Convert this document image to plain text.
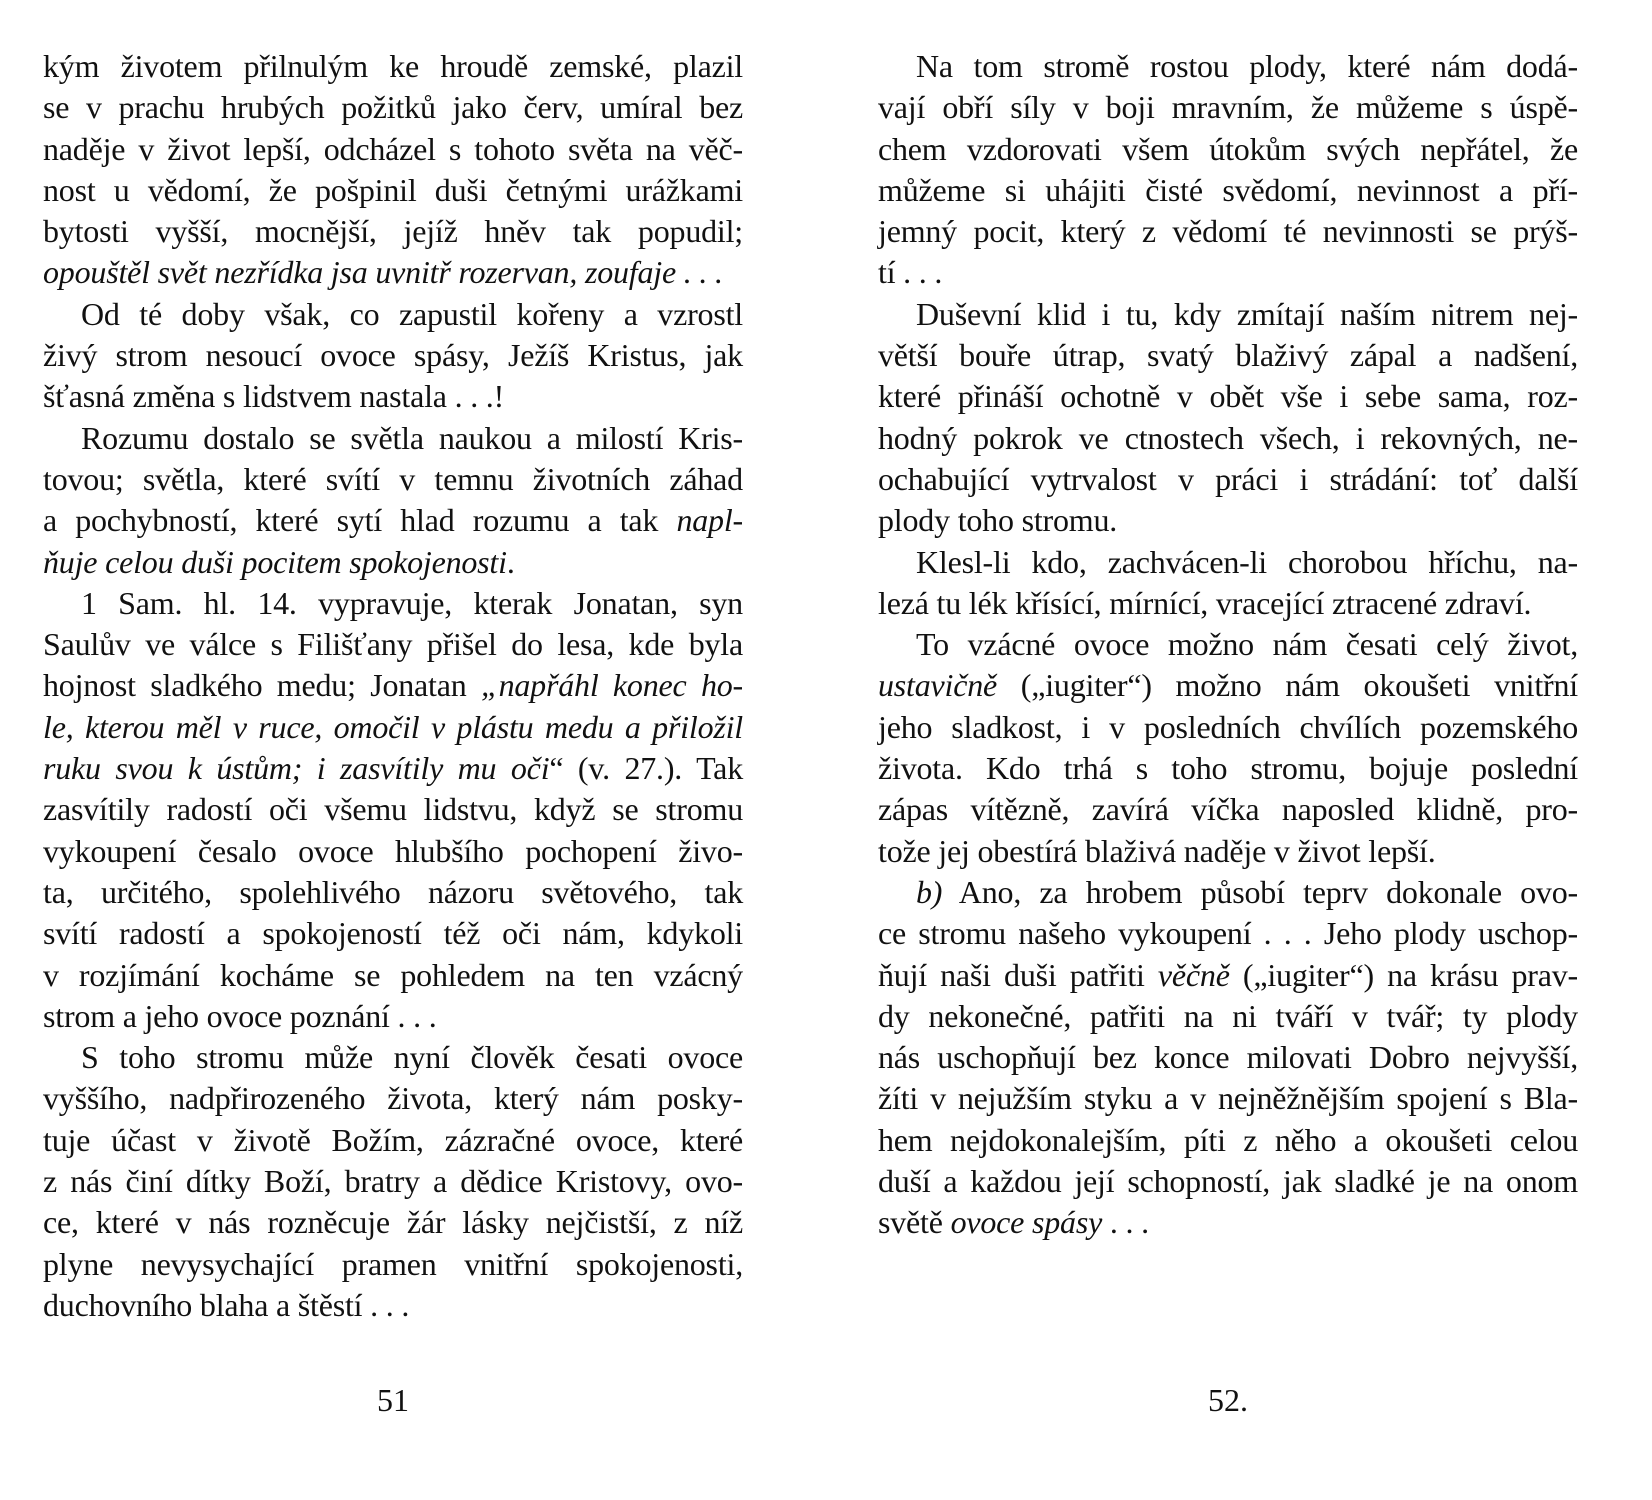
kým životem přilnulým ke hroudě zemské, plazil
se v prachu hrubých požitků jako červ, umíral bez
naděje v život lepší, odcházel s tohoto světa na věč-
nost u vědomí, že pošpinil duši četnými urážkami
bytosti vyšší, mocnější, jejíž hněv tak popudil;
opouštěl svět nezřídka jsa uvnitř rozervan, zoufaje . . .
Od té doby však, co zapustil kořeny a vzrostl
živý strom nesoucí ovoce spásy, Ježíš Kristus, jak
šťasná změna s lidstvem nastala . . .!
Rozumu dostalo se světla naukou a milostí Kris-
tovou; světla, které svítí v temnu životních záhad
a pochybností, které sytí hlad rozumu a tak napl-
ňuje celou duši pocitem spokojenosti.
1 Sam. hl. 14. vypravuje, kterak Jonatan, syn
Saulův ve válce s Filišťany přišel do lesa, kde byla
hojnost sladkého medu; Jonatan „napřáhl konec ho-
le, kterou měl v ruce, omočil v plástu medu a přiložil
ruku svou k ústům; i zasvítily mu oči“ (v. 27.). Tak
zasvítily radostí oči všemu lidstvu, když se stromu
vykoupení česalo ovoce hlubšího pochopení živo-
ta, určitého, spolehlivého názoru světového, tak
svítí radostí a spokojeností též oči nám, kdykoli
v rozjímání kocháme se pohledem na ten vzácný
strom a jeho ovoce poznání . . .
S toho stromu může nyní člověk česati ovoce
vyššího, nadpřirozeného života, který nám posky-
tuje účast v životě Božím, zázračné ovoce, které
z nás činí dítky Boží, bratry a dědice Kristovy, ovo-
ce, které v nás rozněcuje žár lásky nejčistší, z níž
plyne nevysychající pramen vnitřní spokojenosti,
duchovního blaha a štěstí . . .
Na tom stromě rostou plody, které nám dodá-
vají obří síly v boji mravním, že můžeme s úspě-
chem vzdorovati všem útokům svých nepřátel, že
můžeme si uhájiti čisté svědomí, nevinnost a pří-
jemný pocit, který z vědomí té nevinnosti se prýš-
tí . . .
Duševní klid i tu, kdy zmítají naším nitrem nej-
větší bouře útrap, svatý blaživý zápal a nadšení,
které přináší ochotně v obět vše i sebe sama, roz-
hodný pokrok ve ctnostech všech, i rekovných, ne-
ochabující vytrvalost v práci i strádání: toť další
plody toho stromu.
Klesl-li kdo, zachvácen-li chorobou hříchu, na-
lezá tu lék křísící, mírnící, vracející ztracené zdraví.
To vzácné ovoce možno nám česati celý život,
ustavičně („iugiter“) možno nám okoušeti vnitřní
jeho sladkost, i v posledních chvílích pozemského
života. Kdo trhá s toho stromu, bojuje poslední
zápas vítězně, zavírá víčka naposled klidně, pro-
tože jej obestírá blaživá naděje v život lepší.
b) Ano, za hrobem působí teprv dokonale ovo-
ce stromu našeho vykoupení . . . Jeho plody uschop-
ňují naši duši patřiti věčně („iugiter“) na krásu prav-
dy nekonečné, patřiti na ni tváří v tvář; ty plody
nás uschopňují bez konce milovati Dobro nejvyšší,
žíti v nejužším styku a v nejněžnějším spojení s Bla-
hem nejdokonalejším, píti z něho a okoušeti celou
duší a každou její schopností, jak sladké je na onom
světě ovoce spásy . . .
51	52.
